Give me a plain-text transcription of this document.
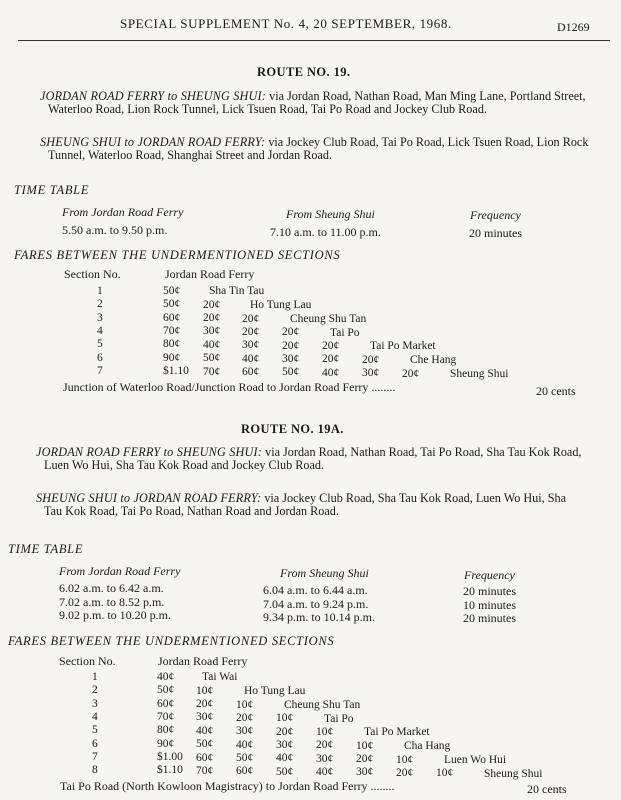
SPECIAL SUPPLEMENT No. 4, 20 SEPTEMBER, 1968.	D1269
ROUTE NO. 19.
JORDAN ROAD FERRY to SHEUNG SHUI: via Jordan Road, Nathan Road, Man Ming Lane, Portland Street, Waterloo Road, Lion Rock Tunnel, Lick Tsuen Road, Tai Po Road and Jockey Club Road.
SHEUNG SHUI to JORDAN ROAD FERRY: via Jockey Club Road, Tai Po Road, Lick Tsuen Road, Lion Rock Tunnel, Waterloo Road, Shanghai Street and Jordan Road.
TIME TABLE
From Jordan Road Ferry	From Sheung Shui	Frequency
5.50 a.m. to 9.50 p.m.	7.10 a.m. to 11.00 p.m.	20 minutes
FARES BETWEEN THE UNDERMENTIONED SECTIONS
Section No.	Jordan Road Ferry
1	50¢	Sha Tin Tau
2	50¢ 20¢	Ho Tung Lau
3	60¢ 20¢ 20¢	Cheung Shu Tan
4	70¢ 30¢ 20¢ 20¢	Tai Po
5	80¢ 40¢ 30¢ 20¢ 20¢	Tai Po Market
6	90¢ 50¢ 40¢ 30¢ 20¢ 20¢	Che Hang
7	$1.10 70¢ 60¢ 50¢ 40¢ 30¢ 20¢	Sheung Shui
Junction of Waterloo Road/Junction Road to Jordan Road Ferry ........	20 cents
ROUTE NO. 19A.
JORDAN ROAD FERRY to SHEUNG SHUI: via Jordan Road, Nathan Road, Tai Po Road, Sha Tau Kok Road, Luen Wo Hui, Sha Tau Kok Road and Jockey Club Road.
SHEUNG SHUI to JORDAN ROAD FERRY: via Jockey Club Road, Sha Tau Kok Road, Luen Wo Hui, Sha Tau Kok Road, Tai Po Road, Nathan Road and Jordan Road.
TIME TABLE
From Jordan Road Ferry	From Sheung Shui	Frequency
6.02 a.m. to 6.42 a.m.	6.04 a.m. to 6.44 a.m.	20 minutes
7.02 a.m. to 8.52 p.m.	7.04 a.m. to 9.24 p.m.	10 minutes
9.02 p.m. to 10.20 p.m.	9.34 p.m. to 10.14 p.m.	20 minutes
FARES BETWEEN THE UNDERMENTIONED SECTIONS
Section No.	Jordan Road Ferry
1	40¢ Tai Wai
2	50¢ 10¢	Ho Tung Lau
3	60¢ 20¢ 10¢	Cheung Shu Tan
4	70¢ 30¢ 20¢ 10¢	Tai Po
5	80¢ 40¢ 30¢ 20¢ 10¢	Tai Po Market
6	90¢ 50¢ 40¢ 30¢ 20¢ 10¢	Cha Hang
7	$1.00 60¢ 50¢ 40¢ 30¢ 20¢ 10¢	Luen Wo Hui
8	$1.10 70¢ 60¢ 50¢ 40¢ 30¢ 20¢ 10¢	Sheung Shui
Tai Po Road (North Kowloon Magistracy) to Jordan Road Ferry ........	20 cents
